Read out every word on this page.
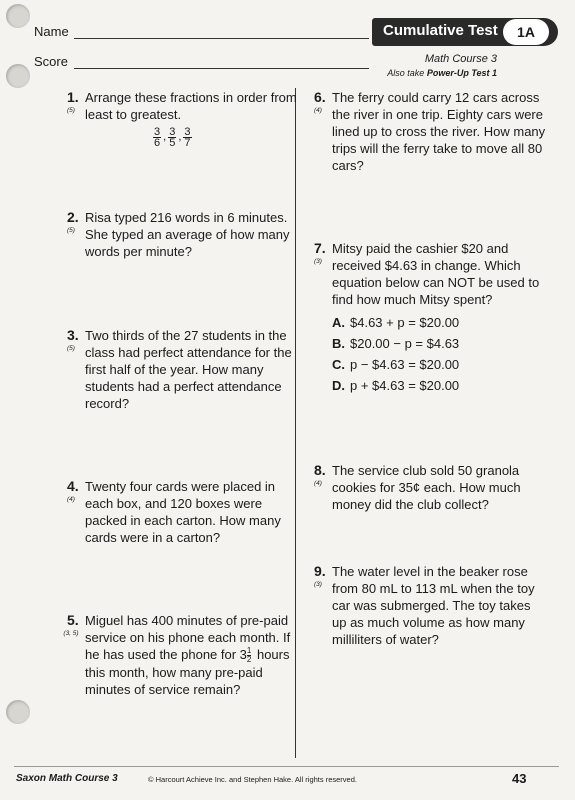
Name
Score
Cumulative Test	1A
Math Course 3
Also take Power-Up Test 1
1.
(5)
Arrange these fractions in order from least to greatest.
$\frac{3}{6}$ , $\frac{3}{5}$ , $\frac{3}{7}$
2.
(5)
Risa typed 216 words in 6 minutes. She typed an average of how many words per minute?
3.
(5)
Two thirds of the 27 students in the class had perfect attendance for the first half of the year. How many students had a perfect attendance record?
4.
(4)
Twenty four cards were placed in each box, and 120 boxes were packed in each carton. How many cards were in a carton?
5.
(3, 5)
Miguel has 400 minutes of pre-paid service on his phone each month. If he has used the phone for $3 \frac{1}{2}$ hours this month, how many pre-paid minutes of service remain?
6.
(4)
The ferry could carry 12 cars across the river in one trip. Eighty cars were lined up to cross the river. How many trips will the ferry take to move all 80 cars?
7.
(3)
Mitsy paid the cashier $20 and received $4.63 in change. Which equation below can NOT be used to find how much Mitsy spent?
A. $4.63 + p = $20.00
B. $20.00 − p = $4.63
C. p − $4.63 = $20.00
D. p + $4.63 = $20.00
8.
(4)
The service club sold 50 granola cookies for 35¢ each. How much money did the club collect?
9.
(3)
The water level in the beaker rose from 80 mL to 113 mL when the toy car was submerged. The toy takes up as much volume as how many milliliters of water?
Saxon Math Course 3	© Harcourt Achieve Inc. and Stephen Hake. All rights reserved.	43
